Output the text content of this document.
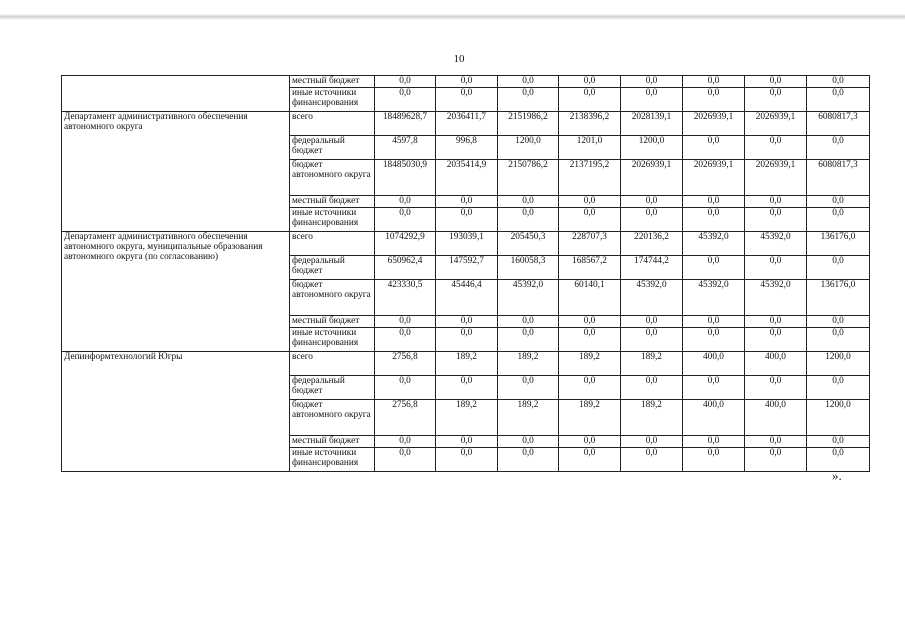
10
	местный бюджет	0,0	0,0	0,0	0,0	0,0	0,0	0,0	0,0
	иные источники финансирования	0,0	0,0	0,0	0,0	0,0	0,0	0,0	0,0
Департамент административного обеспечения автономного округа	всего	18489628,7	2036411,7	2151986,2	2138396,2	2028139,1	2026939,1	2026939,1	6080817,3
	федеральный бюджет	4597,8	996,8	1200,0	1201,0	1200,0	0,0	0,0	0,0
	бюджет автономного округа	18485030,9	2035414,9	2150786,2	2137195,2	2026939,1	2026939,1	2026939,1	6080817,3
	местный бюджет	0,0	0,0	0,0	0,0	0,0	0,0	0,0	0,0
	иные источники финансирования	0,0	0,0	0,0	0,0	0,0	0,0	0,0	0,0
Департамент административного обеспечения автономного округа, муниципальные образования автономного округа (по согласованию)	всего	1074292,9	193039,1	205450,3	228707,3	220136,2	45392,0	45392,0	136176,0
	федеральный бюджет	650962,4	147592,7	160058,3	168567,2	174744,2	0,0	0,0	0,0
	бюджет автономного округа	423330,5	45446,4	45392,0	60140,1	45392,0	45392,0	45392,0	136176,0
	местный бюджет	0,0	0,0	0,0	0,0	0,0	0,0	0,0	0,0
	иные источники финансирования	0,0	0,0	0,0	0,0	0,0	0,0	0,0	0,0
Депинформтехнологий Югры	всего	2756,8	189,2	189,2	189,2	189,2	400,0	400,0	1200,0
	федеральный бюджет	0,0	0,0	0,0	0,0	0,0	0,0	0,0	0,0
	бюджет автономного округа	2756,8	189,2	189,2	189,2	189,2	400,0	400,0	1200,0
	местный бюджет	0,0	0,0	0,0	0,0	0,0	0,0	0,0	0,0
	иные источники финансирования	0,0	0,0	0,0	0,0	0,0	0,0	0,0	0,0
».
